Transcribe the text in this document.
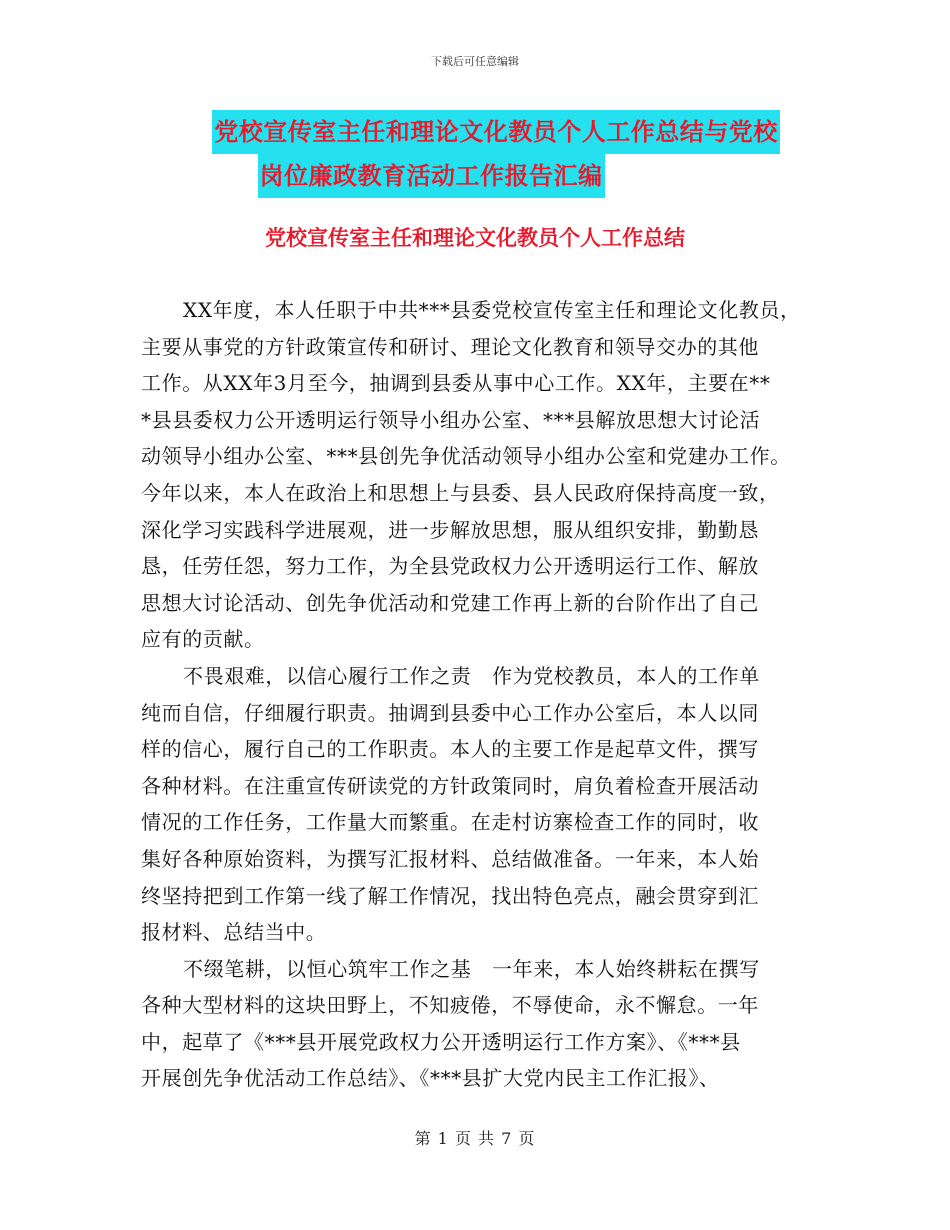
下载后可任意编辑
党校宣传室主任和理论文化教员个人工作总结与党校
岗位廉政教育活动工作报告汇编
党校宣传室主任和理论文化教员个人工作总结
XX年度，本人任职于中共***县委党校宣传室主任和理论文化教员，
主要从事党的方针政策宣传和研讨、理论文化教育和领导交办的其他
工作。从XX年3月至今，抽调到县委从事中心工作。XX年，主要在**
*县县委权力公开透明运行领导小组办公室、***县解放思想大讨论活
动领导小组办公室、***县创先争优活动领导小组办公室和党建办工作。
今年以来，本人在政治上和思想上与县委、县人民政府保持高度一致，
深化学习实践科学进展观，进一步解放思想，服从组织安排，勤勤恳
恳，任劳任怨，努力工作，为全县党政权力公开透明运行工作、解放
思想大讨论活动、创先争优活动和党建工作再上新的台阶作出了自己
应有的贡献。
不畏艰难，以信心履行工作之责　作为党校教员，本人的工作单
纯而自信，仔细履行职责。抽调到县委中心工作办公室后，本人以同
样的信心，履行自己的工作职责。本人的主要工作是起草文件，撰写
各种材料。在注重宣传研读党的方针政策同时，肩负着检查开展活动
情况的工作任务，工作量大而繁重。在走村访寨检查工作的同时，收
集好各种原始资料，为撰写汇报材料、总结做准备。一年来，本人始
终坚持把到工作第一线了解工作情况，找出特色亮点，融会贯穿到汇
报材料、总结当中。
不缀笔耕，以恒心筑牢工作之基　一年来，本人始终耕耘在撰写
各种大型材料的这块田野上，不知疲倦，不辱使命，永不懈怠。一年
中，起草了《***县开展党政权力公开透明运行工作方案》、《***县
开展创先争优活动工作总结》、《***县扩大党内民主工作汇报》、
第 1 页 共 7 页
